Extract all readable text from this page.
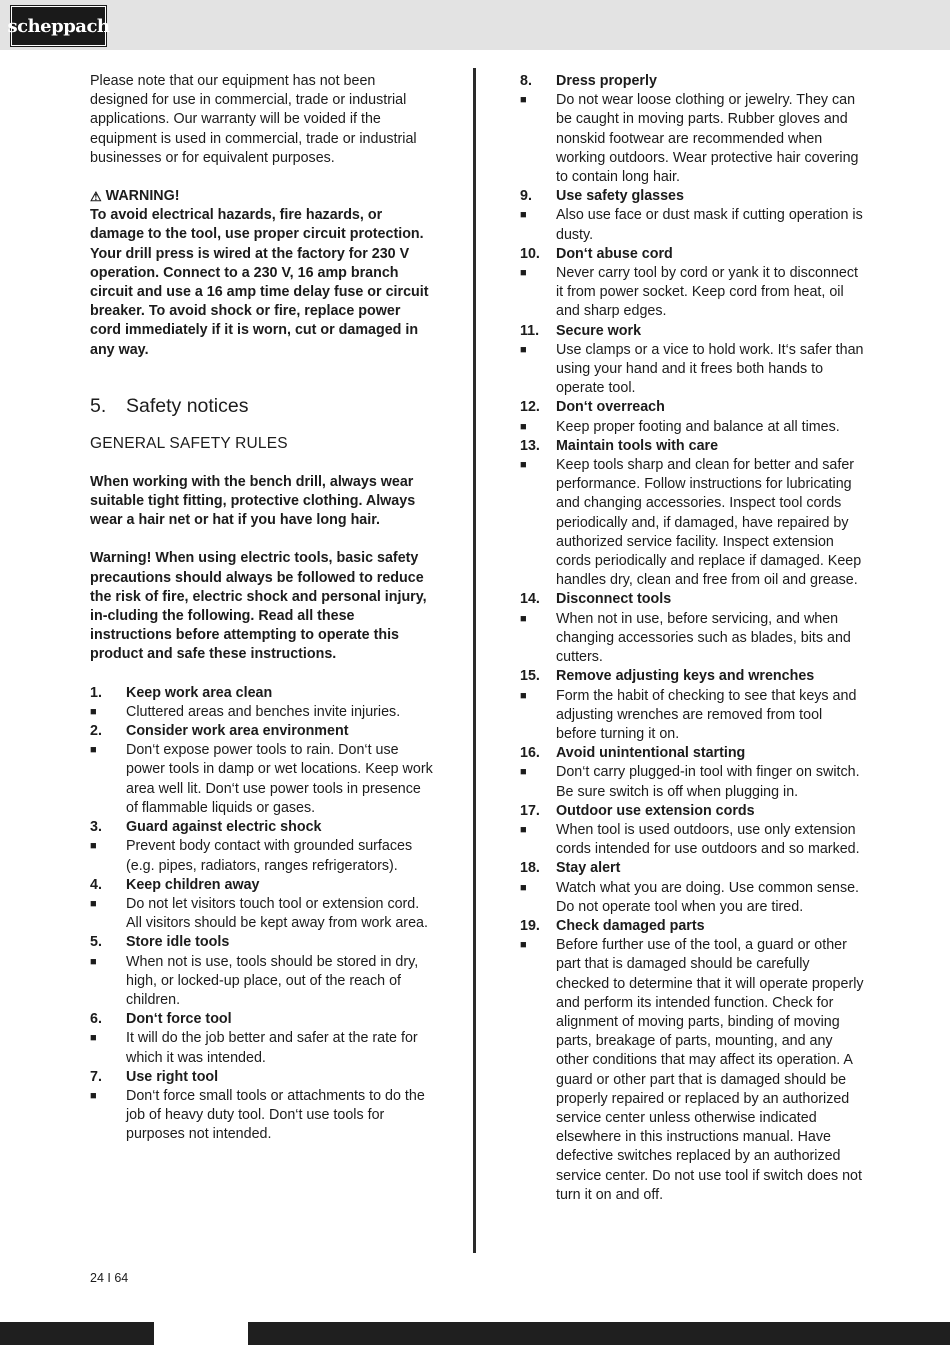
scheppach

Please note that our equipment has not been designed for use in commercial, trade or industrial applications. Our warranty will be voided if the equipment is used in commercial, trade or industrial businesses or for equivalent purposes.

⚠ WARNING!

To avoid electrical hazards, fire hazards, or damage to the tool, use proper circuit protection. Your drill press is wired at the factory for 230 V operation. Connect to a 230 V, 16 amp branch circuit and use a 16 amp time delay fuse or circuit breaker. To avoid shock or fire, replace power cord immediately if it is worn, cut or damaged in any way.

5.	Safety notices
GENERAL SAFETY RULES

When working with the bench drill, always wear suitable tight fitting, protective clothing. Always wear a hair net or hat if you have long hair.

Warning! When using electric tools, basic safety precautions should always be followed to reduce the risk of fire, electric shock and personal injury, in-cluding the following. Read all these instructions before attempting to operate this product and safe these instructions.

1.	Keep work area clean
■	Cluttered areas and benches invite injuries.
2.	Consider work area environment
■	Don‘t expose power tools to rain. Don‘t use power tools in damp or wet locations. Keep work area well lit. Don‘t use power tools in presence of flammable liquids or gases.
3.	Guard against electric shock
■	Prevent body contact with grounded surfaces (e.g. pipes, radiators, ranges refrigerators).
4.	Keep children away
■	Do not let visitors touch tool or extension cord. All visitors should be kept away from work area.
5.	Store idle tools
■	When not is use, tools should be stored in dry, high, or locked-up place, out of the reach of children.
6.	Don‘t force tool
■	It will do the job better and safer at the rate for which it was intended.
7.	Use right tool
■	Don‘t force small tools or attachments to do the job of heavy duty tool. Don‘t use tools for purposes not intended.
8.	Dress properly
■	Do not wear loose clothing or jewelry. They can be caught in moving parts. Rubber gloves and nonskid footwear are recommended when working outdoors. Wear protective hair covering to contain long hair.
9.	Use safety glasses
■	Also use face or dust mask if cutting operation is dusty.
10.	Don‘t abuse cord
■	Never carry tool by cord or yank it to disconnect it from power socket. Keep cord from heat, oil and sharp edges.
11.	Secure work
■	Use clamps or a vice to hold work. It‘s safer than using your hand and it frees both hands to operate tool.
12.	Don‘t overreach
■	Keep proper footing and balance at all times.
13.	Maintain tools with care
■	Keep tools sharp and clean for better and safer performance. Follow instructions for lubricating and changing accessories. Inspect tool cords periodically and, if damaged, have repaired by authorized service facility. Inspect extension cords periodically and replace if damaged. Keep handles dry, clean and free from oil and grease.
14.	Disconnect tools
■	When not in use, before servicing, and when changing accessories such as blades, bits and cutters.
15.	Remove adjusting keys and wrenches
■	Form the habit of checking to see that keys and adjusting wrenches are removed from tool before turning it on.
16.	Avoid unintentional starting
■	Don‘t carry plugged-in tool with finger on switch. Be sure switch is off when plugging in.
17.	Outdoor use extension cords
■	When tool is used outdoors, use only extension cords intended for use outdoors and so marked.
18.	Stay alert
■	Watch what you are doing. Use common sense. Do not operate tool when you are tired.
19.	Check damaged parts
■	Before further use of the tool, a guard or other part that is damaged should be carefully checked to determine that it will operate properly and perform its intended function. Check for alignment of moving parts, binding of moving parts, breakage of parts, mounting, and any other conditions that may affect its operation. A guard or other part that is damaged should be properly repaired or replaced by an authorized service center unless otherwise indicated elsewhere in this instructions manual. Have defective switches replaced by an authorized service center. Do not use tool if switch does not turn it on and off.
24 I 64
